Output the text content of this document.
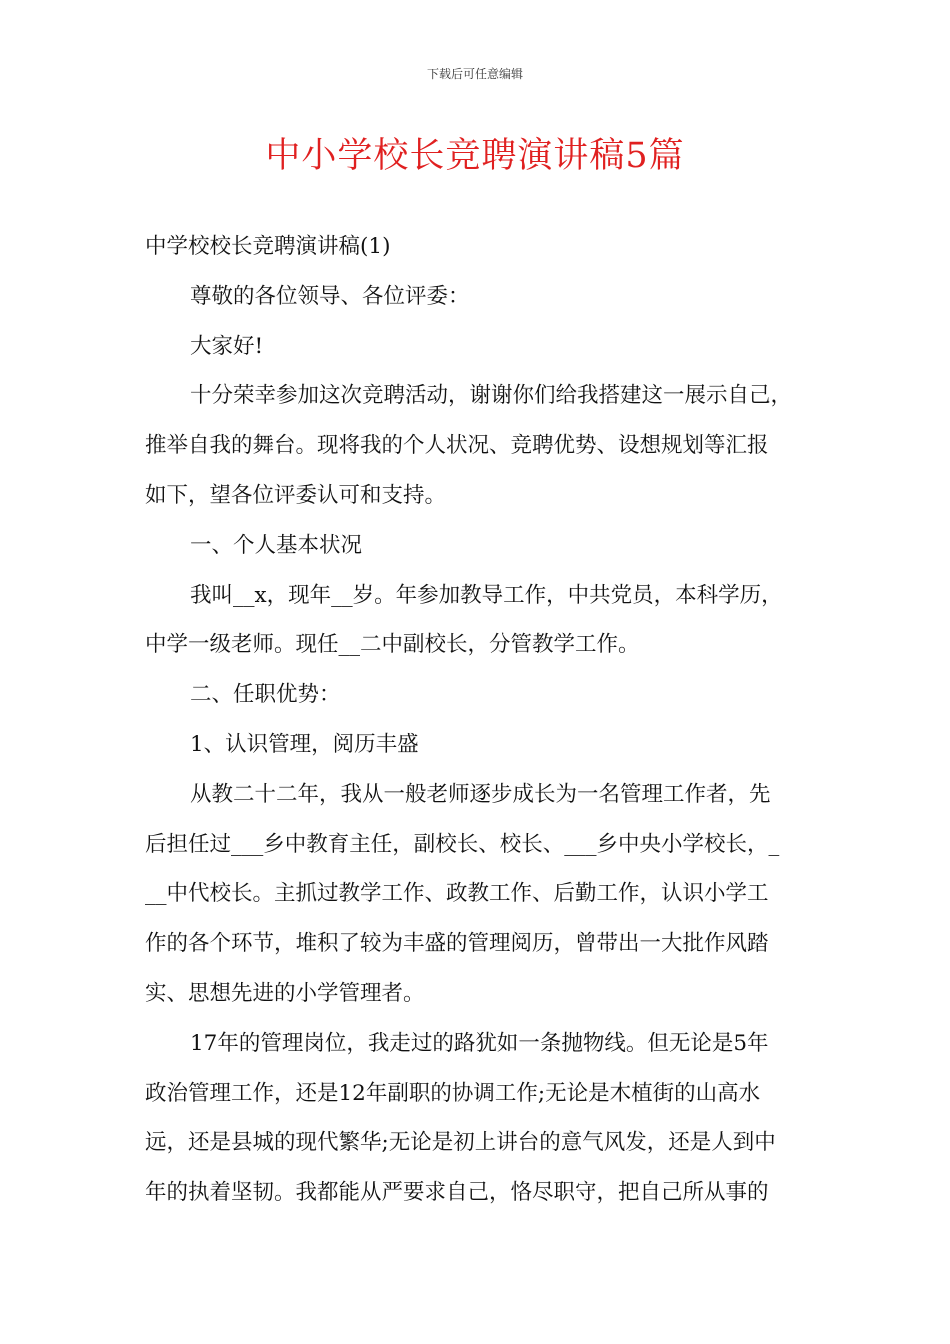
下载后可任意编辑
中小学校长竞聘演讲稿5篇
中学校校长竞聘演讲稿(1)
尊敬的各位领导、各位评委：
大家好!
十分荣幸参加这次竞聘活动，谢谢你们给我搭建这一展示自己，
推举自我的舞台。现将我的个人状况、竞聘优势、设想规划等汇报
如下，望各位评委认可和支持。
一、个人基本状况
我叫__x，现年__岁。年参加教导工作，中共党员，本科学历，
中学一级老师。现任__二中副校长，分管教学工作。
二、任职优势：
1、认识管理，阅历丰盛
从教二十二年，我从一般老师逐步成长为一名管理工作者，先
后担任过___乡中教育主任，副校长、校长、___乡中央小学校长，_
__中代校长。主抓过教学工作、政教工作、后勤工作，认识小学工
作的各个环节，堆积了较为丰盛的管理阅历，曾带出一大批作风踏
实、思想先进的小学管理者。
17年的管理岗位，我走过的路犹如一条抛物线。但无论是5年
政治管理工作，还是12年副职的协调工作;无论是木植街的山高水
远，还是县城的现代繁华;无论是初上讲台的意气风发，还是人到中
年的执着坚韧。我都能从严要求自己，恪尽职守，把自己所从事的
